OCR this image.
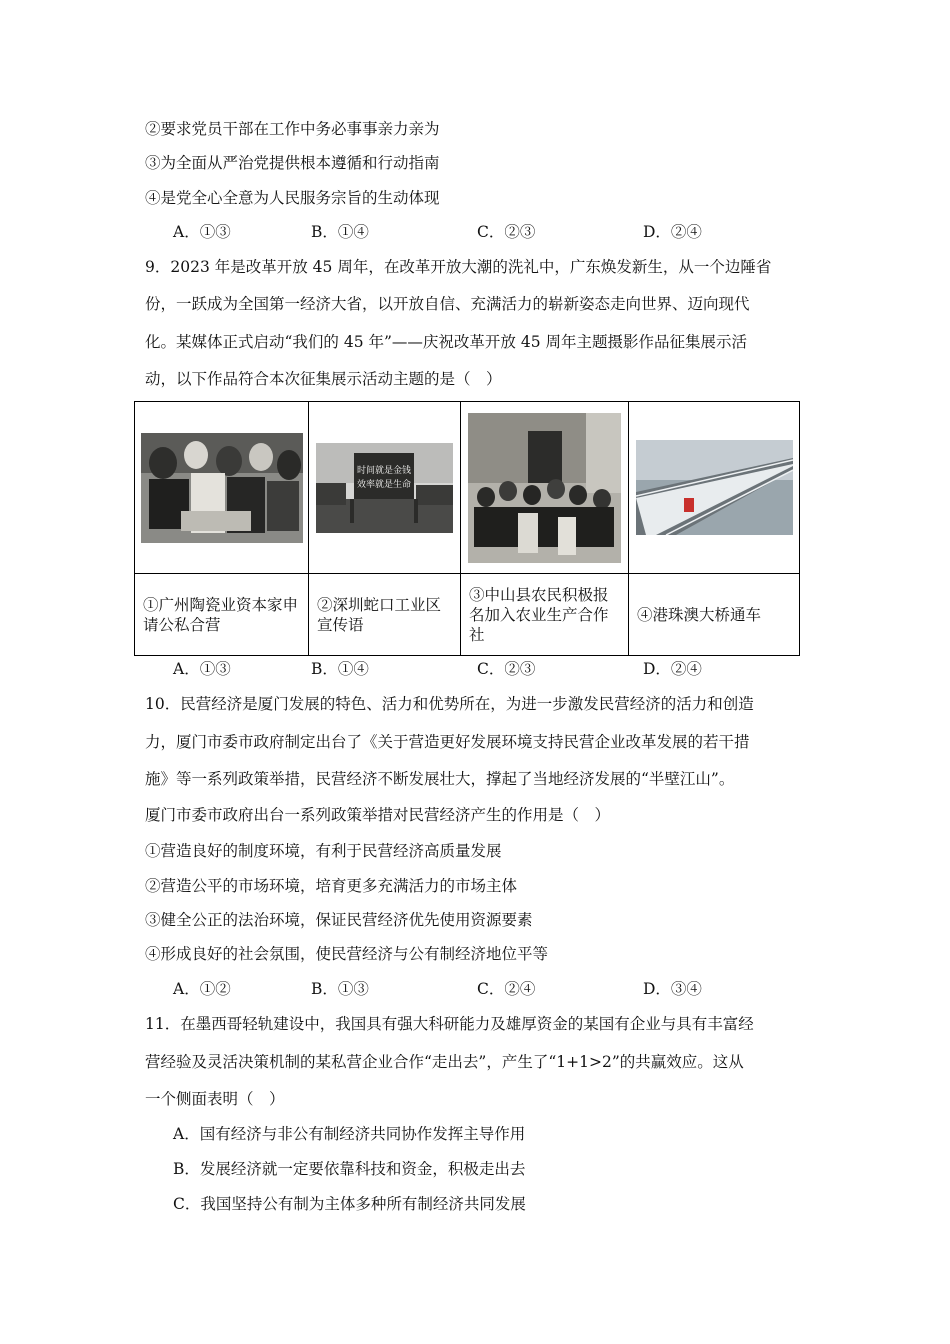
②要求党员干部在工作中务必事事亲力亲为
③为全面从严治党提供根本遵循和行动指南
④是党全心全意为人民服务宗旨的生动体现
A．①③	B．①④	C．②③	D．②④
9．2023 年是改革开放 45 周年，在改革开放大潮的洗礼中，广东焕发新生，从一个边陲省
份，一跃成为全国第一经济大省，以开放自信、充满活力的崭新姿态走向世界、迈向现代
化。某媒体正式启动“我们的 45 年”——庆祝改革开放 45 周年主题摄影作品征集展示活
动，以下作品符合本次征集展示活动主题的是（　）

时间就是金钱
效率就是生命

①广州陶瓷业资本家申请公私合营	②深圳蛇口工业区宣传语	③中山县农民积极报名加入农业生产合作社	④港珠澳大桥通车
A．①③	B．①④	C．②③	D．②④
10．民营经济是厦门发展的特色、活力和优势所在，为进一步激发民营经济的活力和创造
力，厦门市委市政府制定出台了《关于营造更好发展环境支持民营企业改革发展的若干措
施》等一系列政策举措，民营经济不断发展壮大，撑起了当地经济发展的“半壁江山”。
厦门市委市政府出台一系列政策举措对民营经济产生的作用是（　）
①营造良好的制度环境，有利于民营经济高质量发展
②营造公平的市场环境，培育更多充满活力的市场主体
③健全公正的法治环境，保证民营经济优先使用资源要素
④形成良好的社会氛围，使民营经济与公有制经济地位平等
A．①②	B．①③	C．②④	D．③④
11．在墨西哥轻轨建设中，我国具有强大科研能力及雄厚资金的某国有企业与具有丰富经
营经验及灵活决策机制的某私营企业合作“走出去”，产生了“1+1>2”的共赢效应。这从
一个侧面表明（　）
A．国有经济与非公有制经济共同协作发挥主导作用
B．发展经济就一定要依靠科技和资金，积极走出去
C．我国坚持公有制为主体多种所有制经济共同发展
